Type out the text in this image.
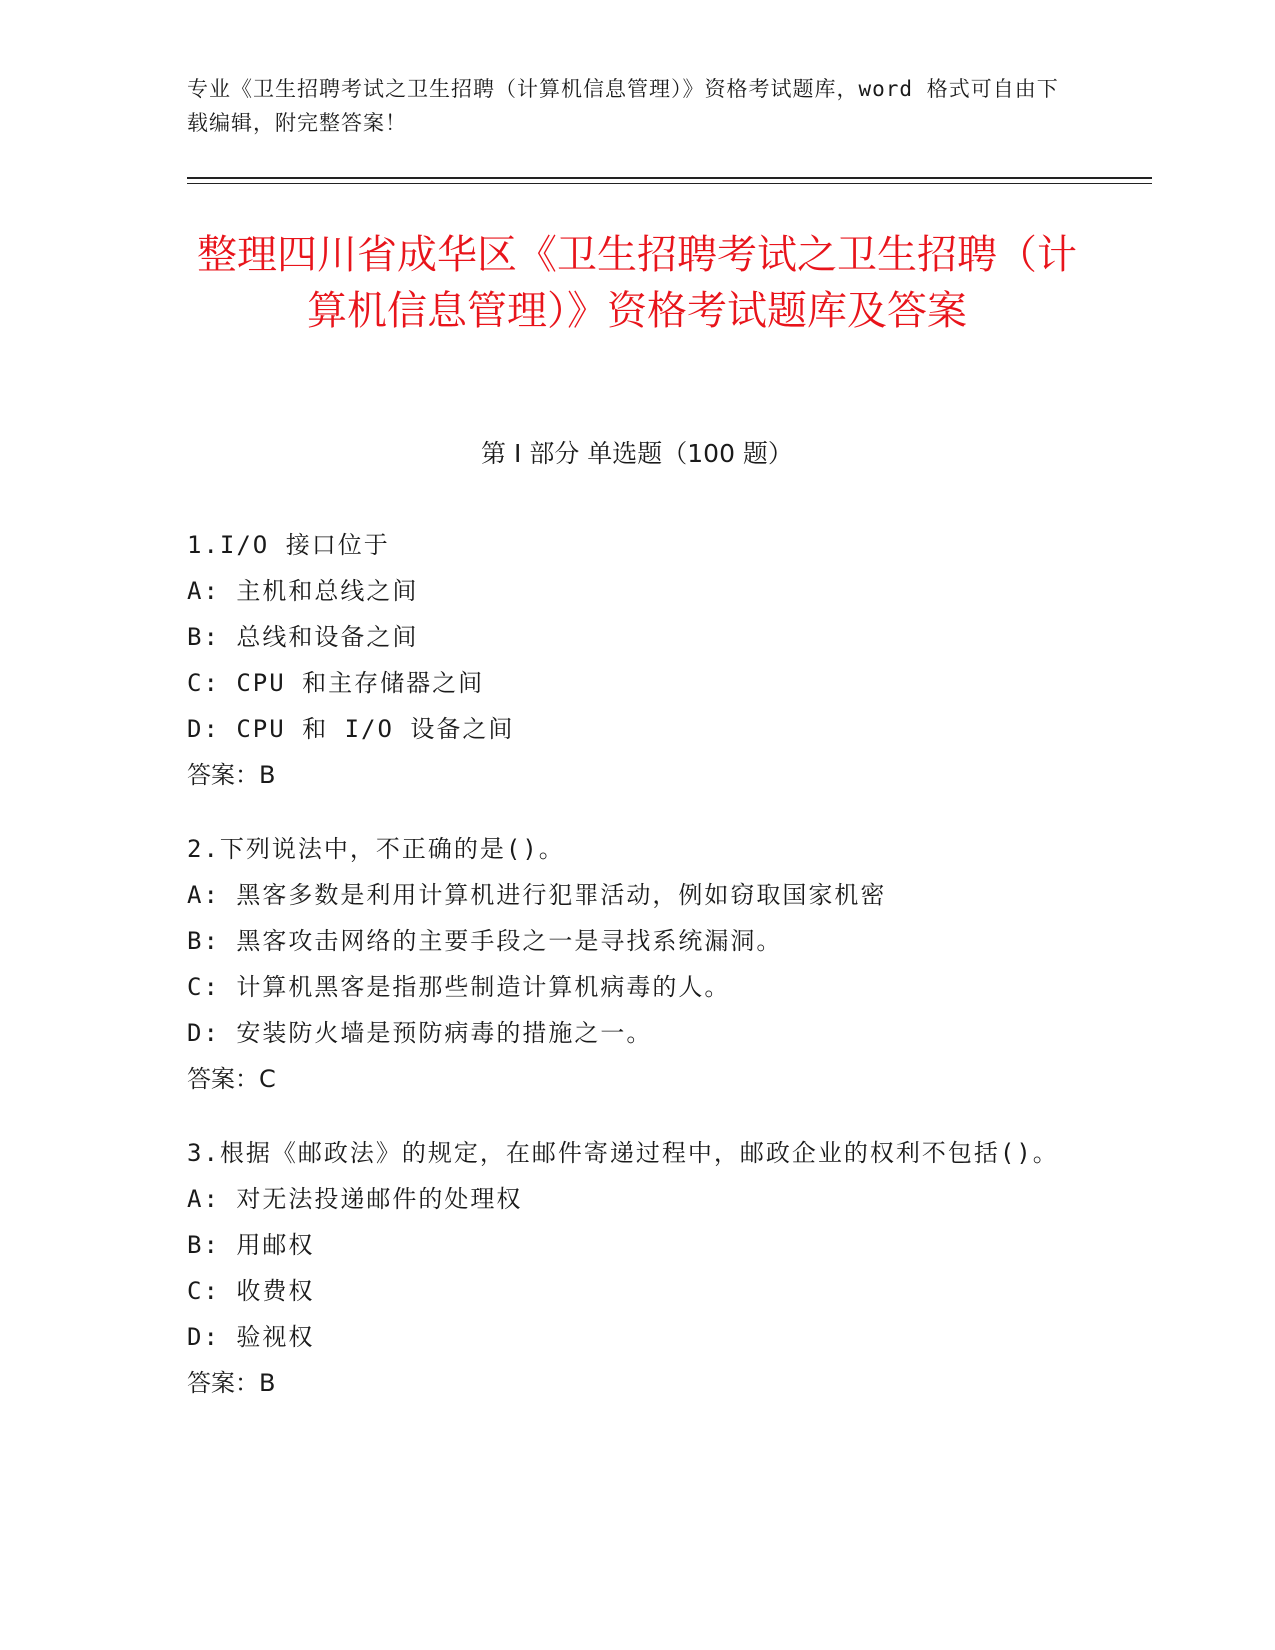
专业《卫生招聘考试之卫生招聘（计算机信息管理）》资格考试题库，word 格式可自由下载编辑，附完整答案！
整理四川省成华区《卫生招聘考试之卫生招聘（计算机信息管理）》资格考试题库及答案
第 I 部分 单选题（100 题）

1.I/O 接口位于

A: 主机和总线之间

B: 总线和设备之间

C: CPU 和主存储器之间

D: CPU 和 I/O 设备之间

答案：B

2.下列说法中，不正确的是()。

A: 黑客多数是利用计算机进行犯罪活动，例如窃取国家机密

B: 黑客攻击网络的主要手段之一是寻找系统漏洞。

C: 计算机黑客是指那些制造计算机病毒的人。

D: 安装防火墙是预防病毒的措施之一。

答案：C

3.根据《邮政法》的规定，在邮件寄递过程中，邮政企业的权利不包括()。

A: 对无法投递邮件的处理权

B: 用邮权

C: 收费权

D: 验视权

答案：B
